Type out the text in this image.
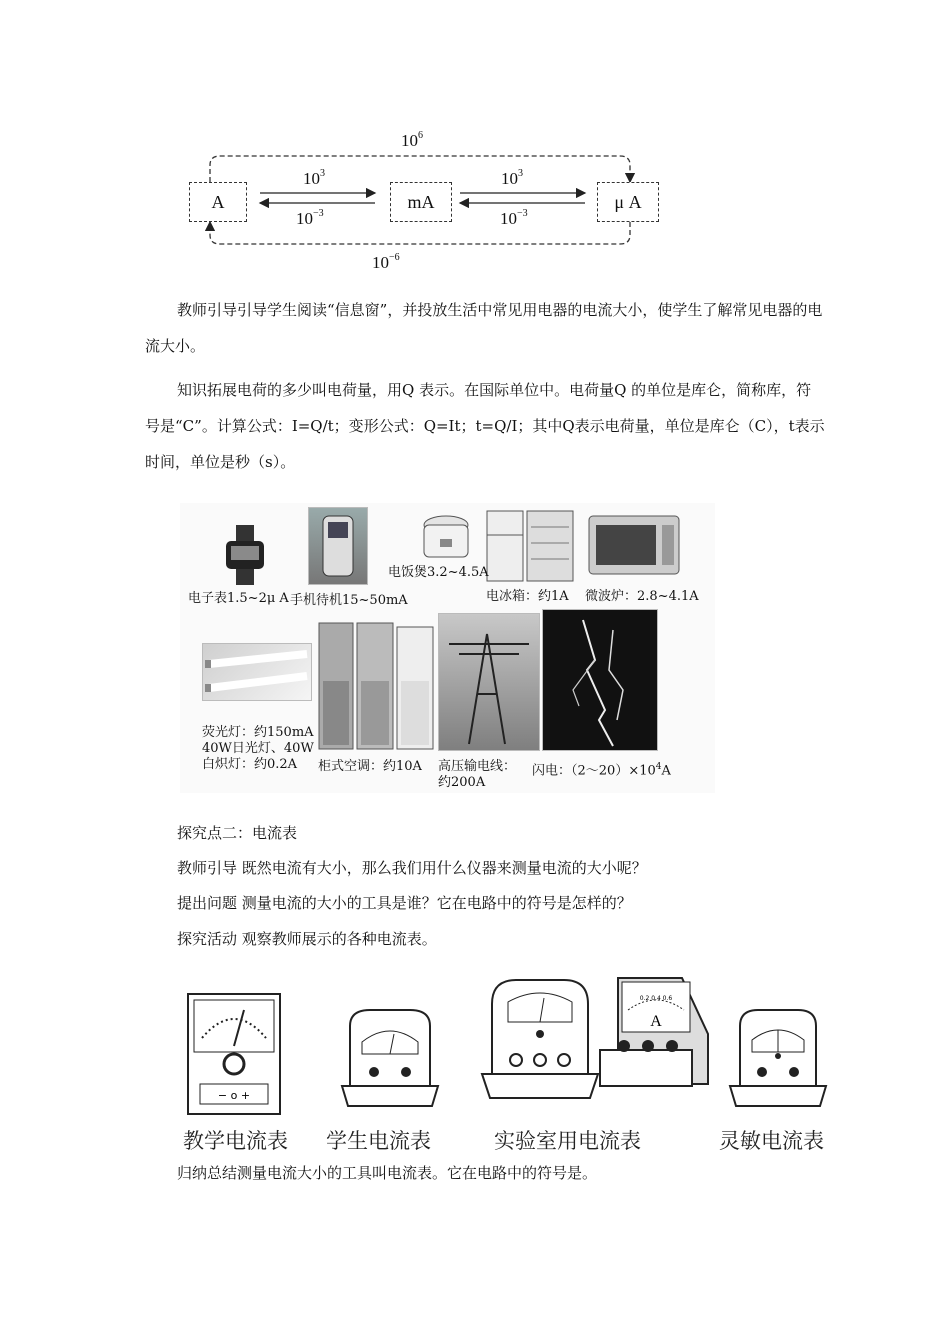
A	mA	μ A
$10^6$
$10^{-6}$
$10^3$
$10^{-3}$
$10^3$
$10^{-3}$
教师引导引导学生阅读“信息窗”，并投放生活中常见用电器的电流大小，使学生了解常见电器的电流大小。
知识拓展电荷的多少叫电荷量，用Q 表示。在国际单位中。电荷量Q 的单位是库仑，简称库，符号是“C”。计算公式：I=Q/t；变形公式：Q=It；t=Q/I；其中Q表示电荷量，单位是库仑（C），t表示时间，单位是秒（s）。
电子表1.5~2μ A 手机待机15~50mA
电饭煲3.2~4.5A
电冰箱：约1A 微波炉：2.8~4.1A
荧光灯：约150mA
40W日光灯、40W
白炽灯：约0.2A	柜式空调：约10A 高压输电线：
约200A
闪电：$(2\sim 20)\times 10^4A$
探究点二：电流表
教师引导 既然电流有大小，那么我们用什么仪器来测量电流的大小呢？
提出问题 测量电流的大小的工具是谁？它在电路中的符号是怎样的？
探究活动 观察教师展示的各种电流表。
− o +
0.2 0.4 0.6
A
教学电流表 学生电流表	实验室用电流表	灵敏电流表
归纳总结测量电流大小的工具叫电流表。它在电路中的符号是。
